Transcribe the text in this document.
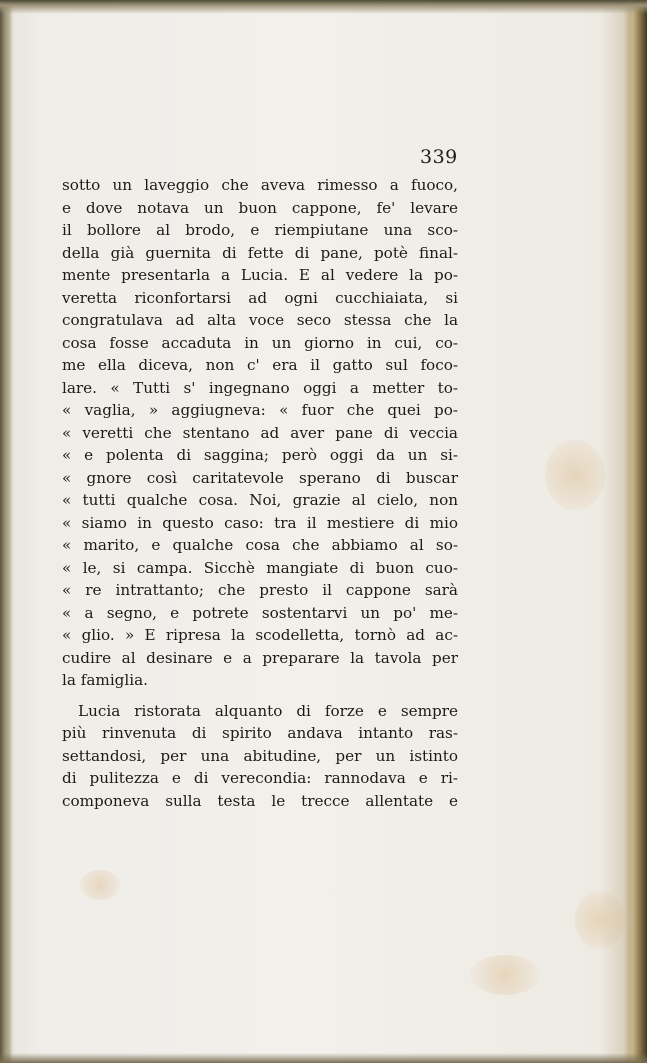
339
sotto un laveggio che aveva rimesso a fuoco,
e dove notava un buon cappone, fe' levare
il bollore al brodo, e riempiutane una sco-
della già guernita di fette di pane, potè final-
mente presentarla a Lucia. E al vedere la po-
veretta riconfortarsi ad ogni cucchiaiata, si
congratulava ad alta voce seco stessa che la
cosa fosse accaduta in un giorno in cui, co-
me ella diceva, non c' era il gatto sul foco-
lare. « Tutti s' ingegnano oggi a metter to-
« vaglia, » aggiugneva: « fuor che quei po-
« veretti che stentano ad aver pane di veccia
« e polenta di saggina; però oggi da un si-
« gnore così caritatevole sperano di buscar
« tutti qualche cosa. Noi, grazie al cielo, non
« siamo in questo caso: tra il mestiere di mio
« marito, e qualche cosa che abbiamo al so-
« le, si campa. Sicchè mangiate di buon cuo-
« re intrattanto; che presto il cappone sarà
« a segno, e potrete sostentarvi un po' me-
« glio. » E ripresa la scodelletta, tornò ad ac-
cudire al desinare e a preparare la tavola per
la famiglia.
Lucia ristorata alquanto di forze e sempre
più rinvenuta di spirito andava intanto ras-
settandosi, per una abitudine, per un istinto
di pulitezza e di verecondia: rannodava e ri-
componeva sulla testa le trecce allentate e
